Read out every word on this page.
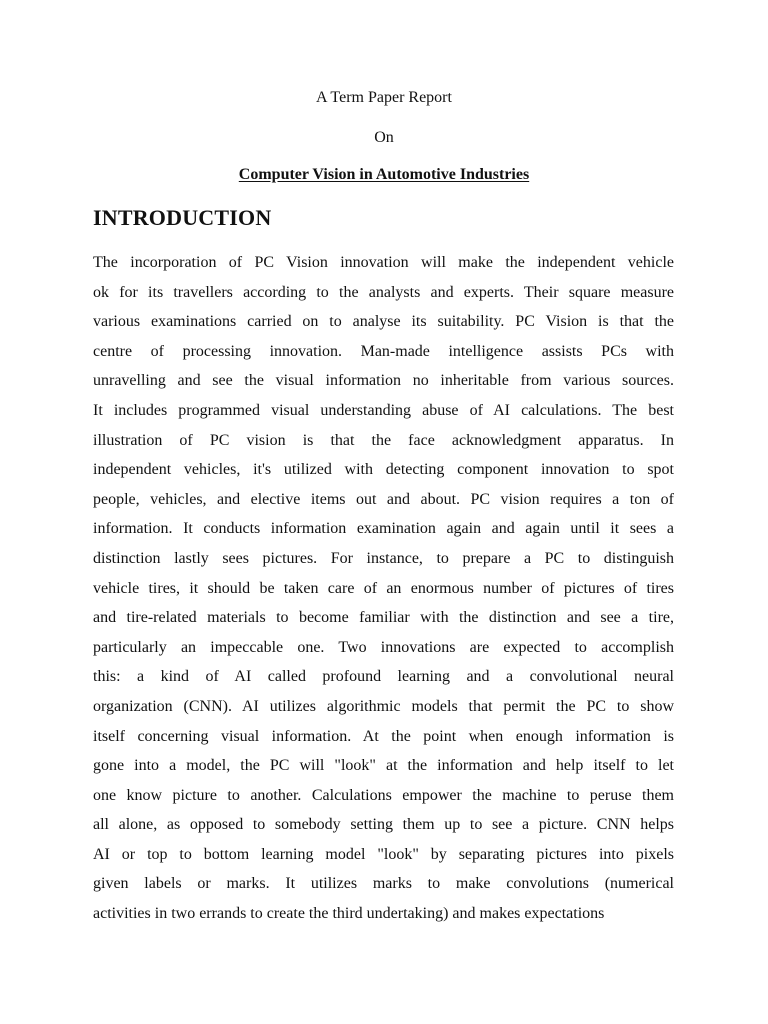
A Term Paper Report
On
Computer Vision in Automotive Industries
INTRODUCTION
The incorporation of PC Vision innovation will make the independent vehicle
ok for its travellers according to the analysts and experts. Their square measure
various examinations carried on to analyse its suitability. PC Vision is that the
centre of processing innovation. Man-made intelligence assists PCs with
unravelling and see the visual information no inheritable from various sources.
It includes programmed visual understanding abuse of AI calculations. The best
illustration of PC vision is that the face acknowledgment apparatus. In
independent vehicles, it's utilized with detecting component innovation to spot
people, vehicles, and elective items out and about. PC vision requires a ton of
information. It conducts information examination again and again until it sees a
distinction lastly sees pictures. For instance, to prepare a PC to distinguish
vehicle tires, it should be taken care of an enormous number of pictures of tires
and tire-related materials to become familiar with the distinction and see a tire,
particularly an impeccable one. Two innovations are expected to accomplish
this: a kind of AI called profound learning and a convolutional neural
organization (CNN). AI utilizes algorithmic models that permit the PC to show
itself concerning visual information. At the point when enough information is
gone into a model, the PC will "look" at the information and help itself to let
one know picture to another. Calculations empower the machine to peruse them
all alone, as opposed to somebody setting them up to see a picture. CNN helps
AI or top to bottom learning model "look" by separating pictures into pixels
given labels or marks. It utilizes marks to make convolutions (numerical
activities in two errands to create the third undertaking) and makes expectations
